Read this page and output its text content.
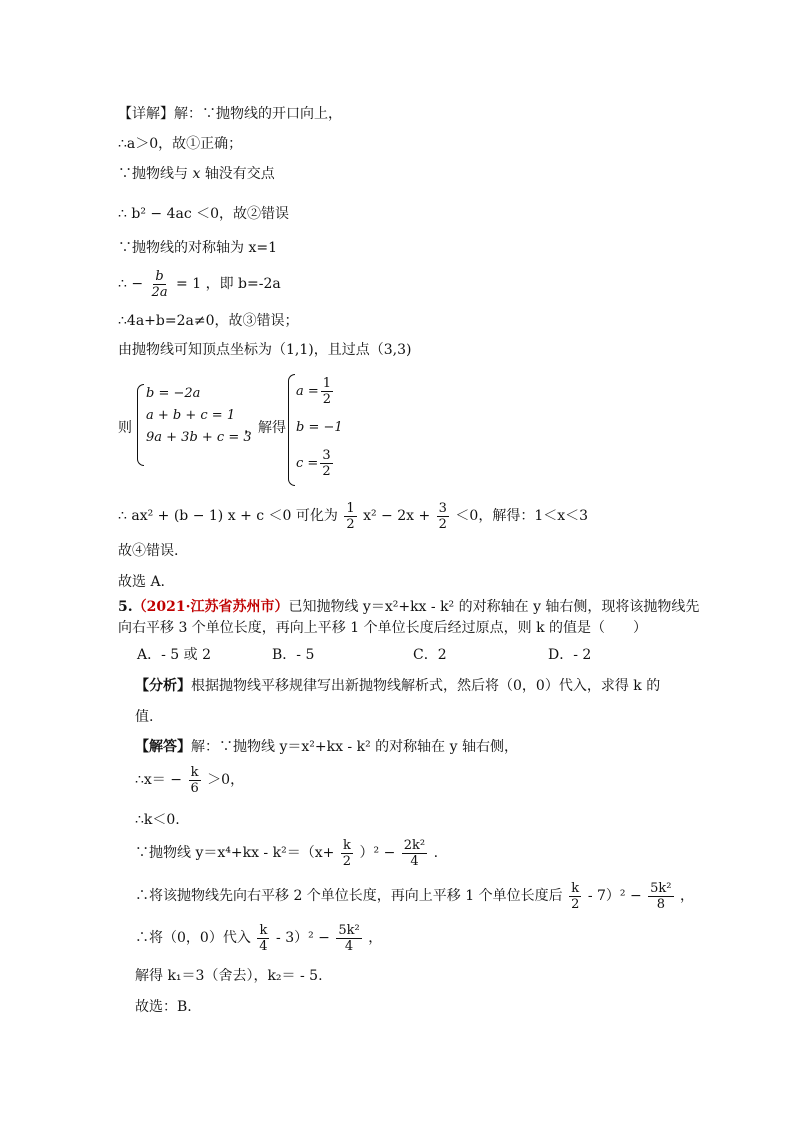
【详解】解：∵抛物线的开口向上，
∴a＞0，故①正确；
∵抛物线与 x 轴没有交点
∴ b² − 4ac ＜0，故②错误
∵抛物线的对称轴为 x=1
∴ − $\frac{b}{2a} = 1$ ，即 b=-2a
∴4a+b=2a≠0，故③错误；
由抛物线可知顶点坐标为（1,1)，且过点（3,3)
则
b = −2a
a + b + c = 1
9a + 3b + c = 3
，解得
$a = \frac{1}{2}$
b = −1
$c = \frac{3}{2}$
∴ ax² + (b − 1) x + c ＜0 可化为 $\frac{1}{2} x^2 - 2x + \frac{3}{2} <0$，解得：1＜x＜3
故④错误.
故选 A.
5.（2021·江苏省苏州市）已知抛物线 y＝x²+kx - k² 的对称轴在 y 轴右侧，现将该抛物线先
向右平移 3 个单位长度，再向上平移 1 个单位长度后经过原点，则 k 的值是（　　）
A．- 5 或 2	B．- 5	C．2	D．- 2
【分析】根据抛物线平移规律写出新抛物线解析式，然后将（0，0）代入，求得 k 的
值.
【解答】解：∵抛物线 y＝x²+kx - k² 的对称轴在 y 轴右侧，
∴x＝ − $\frac{k}{6} >0$，
∴k＜0.
∵抛物线 $y=x^4+kx - k^2=(x+ \frac{k}{2} )^2 - \frac{\text{2k²}}{4}$ .
∴将该抛物线先向右平移 2 个单位长度，再向上平移 1 个单位长度后 $\frac{k}{2} - 7)^2 - \frac{\text{5k²}}{8}$ ，
∴将（0，0）代入 $\frac{k}{4} - 3)^2 - \frac{\text{5k²}}{4}$ ，
解得 k₁＝3（舍去），k₂＝ - 5.
故选：B.
